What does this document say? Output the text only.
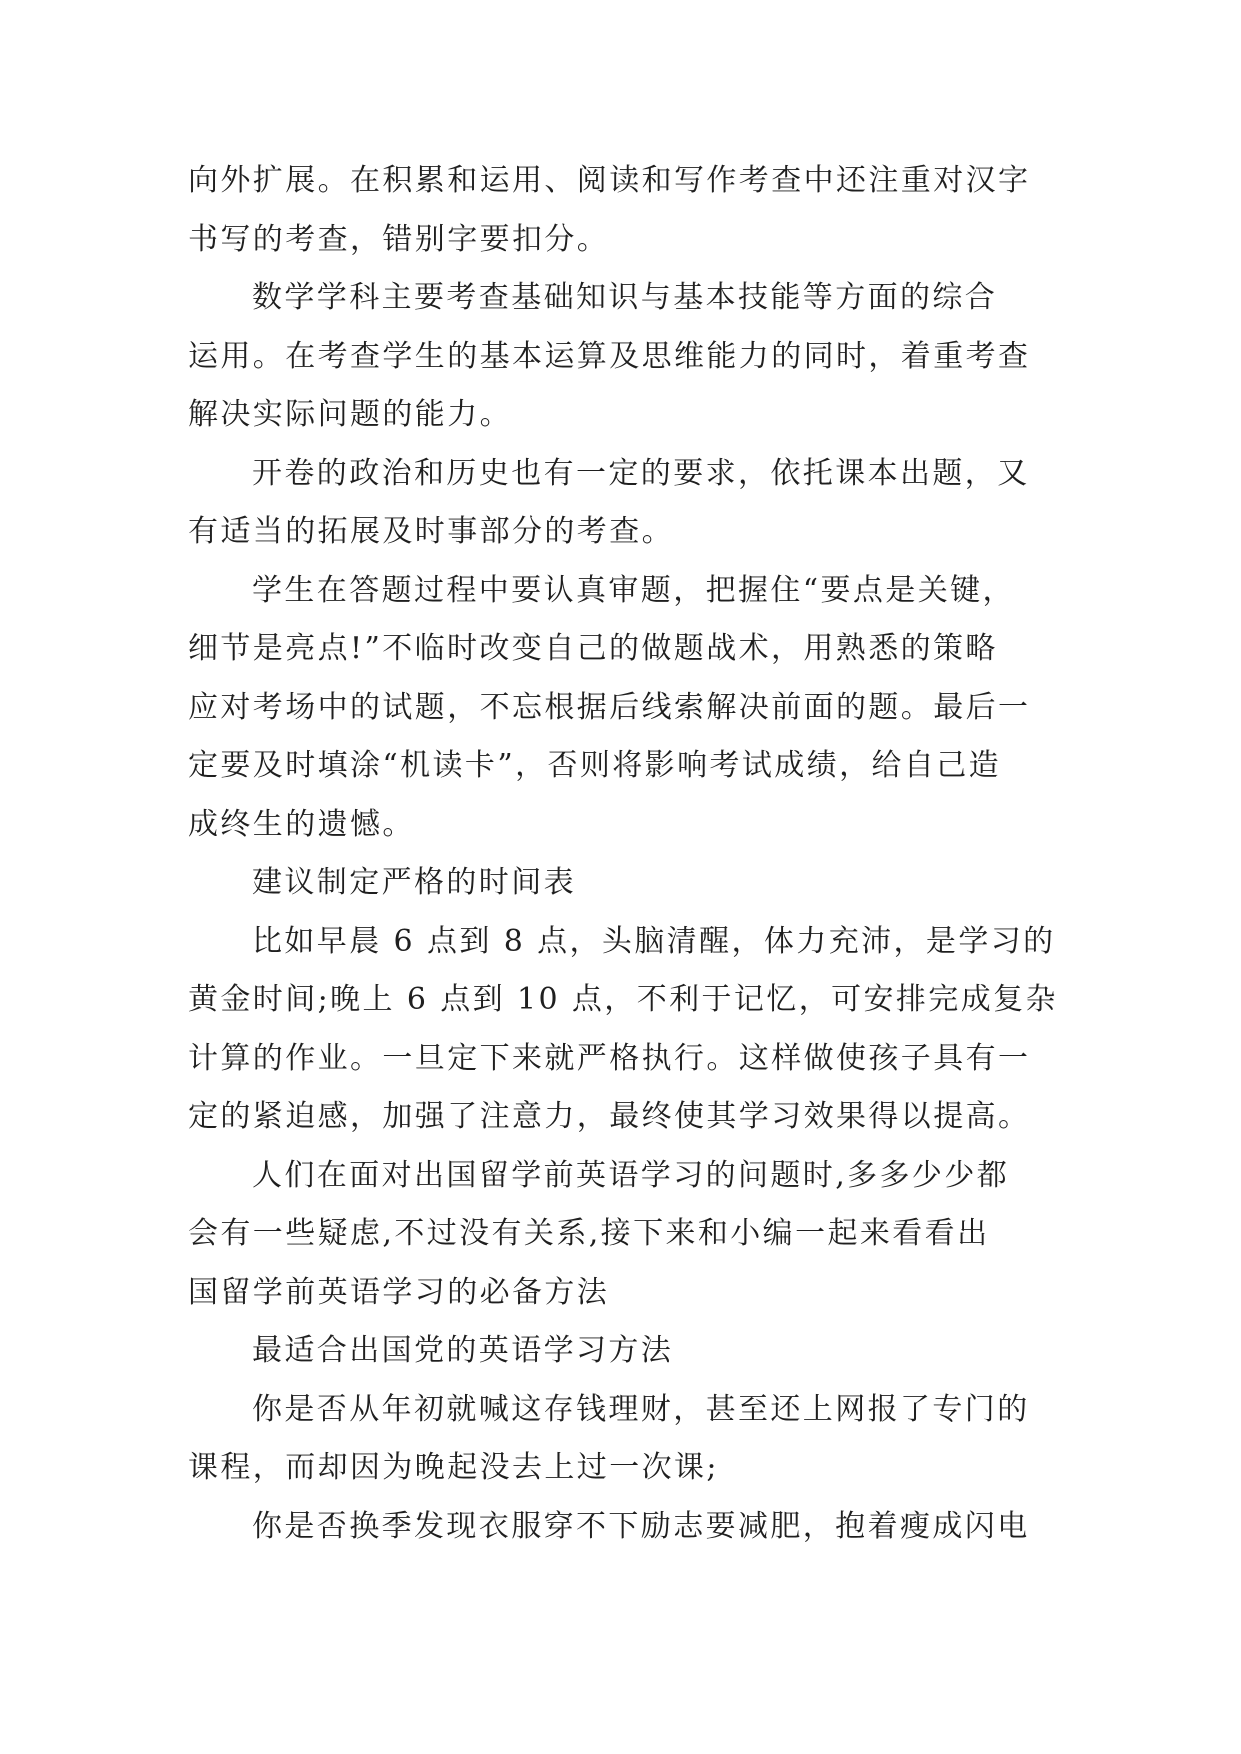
向外扩展。在积累和运用、阅读和写作考查中还注重对汉字
书写的考查，错别字要扣分。

数学学科主要考查基础知识与基本技能等方面的综合
运用。在考查学生的基本运算及思维能力的同时，着重考查
解决实际问题的能力。

开卷的政治和历史也有一定的要求，依托课本出题，又
有适当的拓展及时事部分的考查。

学生在答题过程中要认真审题，把握住“要点是关键，
细节是亮点!”不临时改变自己的做题战术，用熟悉的策略
应对考场中的试题，不忘根据后线索解决前面的题。最后一
定要及时填涂“机读卡”，否则将影响考试成绩，给自己造
成终生的遗憾。

建议制定严格的时间表

比如早晨 6 点到 8 点，头脑清醒，体力充沛，是学习的
黄金时间;晚上 6 点到 10 点，不利于记忆，可安排完成复杂
计算的作业。一旦定下来就严格执行。这样做使孩子具有一
定的紧迫感，加强了注意力，最终使其学习效果得以提高。

人们在面对出国留学前英语学习的问题时,多多少少都
会有一些疑虑,不过没有关系,接下来和小编一起来看看出
国留学前英语学习的必备方法

最适合出国党的英语学习方法

你是否从年初就喊这存钱理财，甚至还上网报了专门的
课程，而却因为晚起没去上过一次课;

你是否换季发现衣服穿不下励志要减肥，抱着瘦成闪电
